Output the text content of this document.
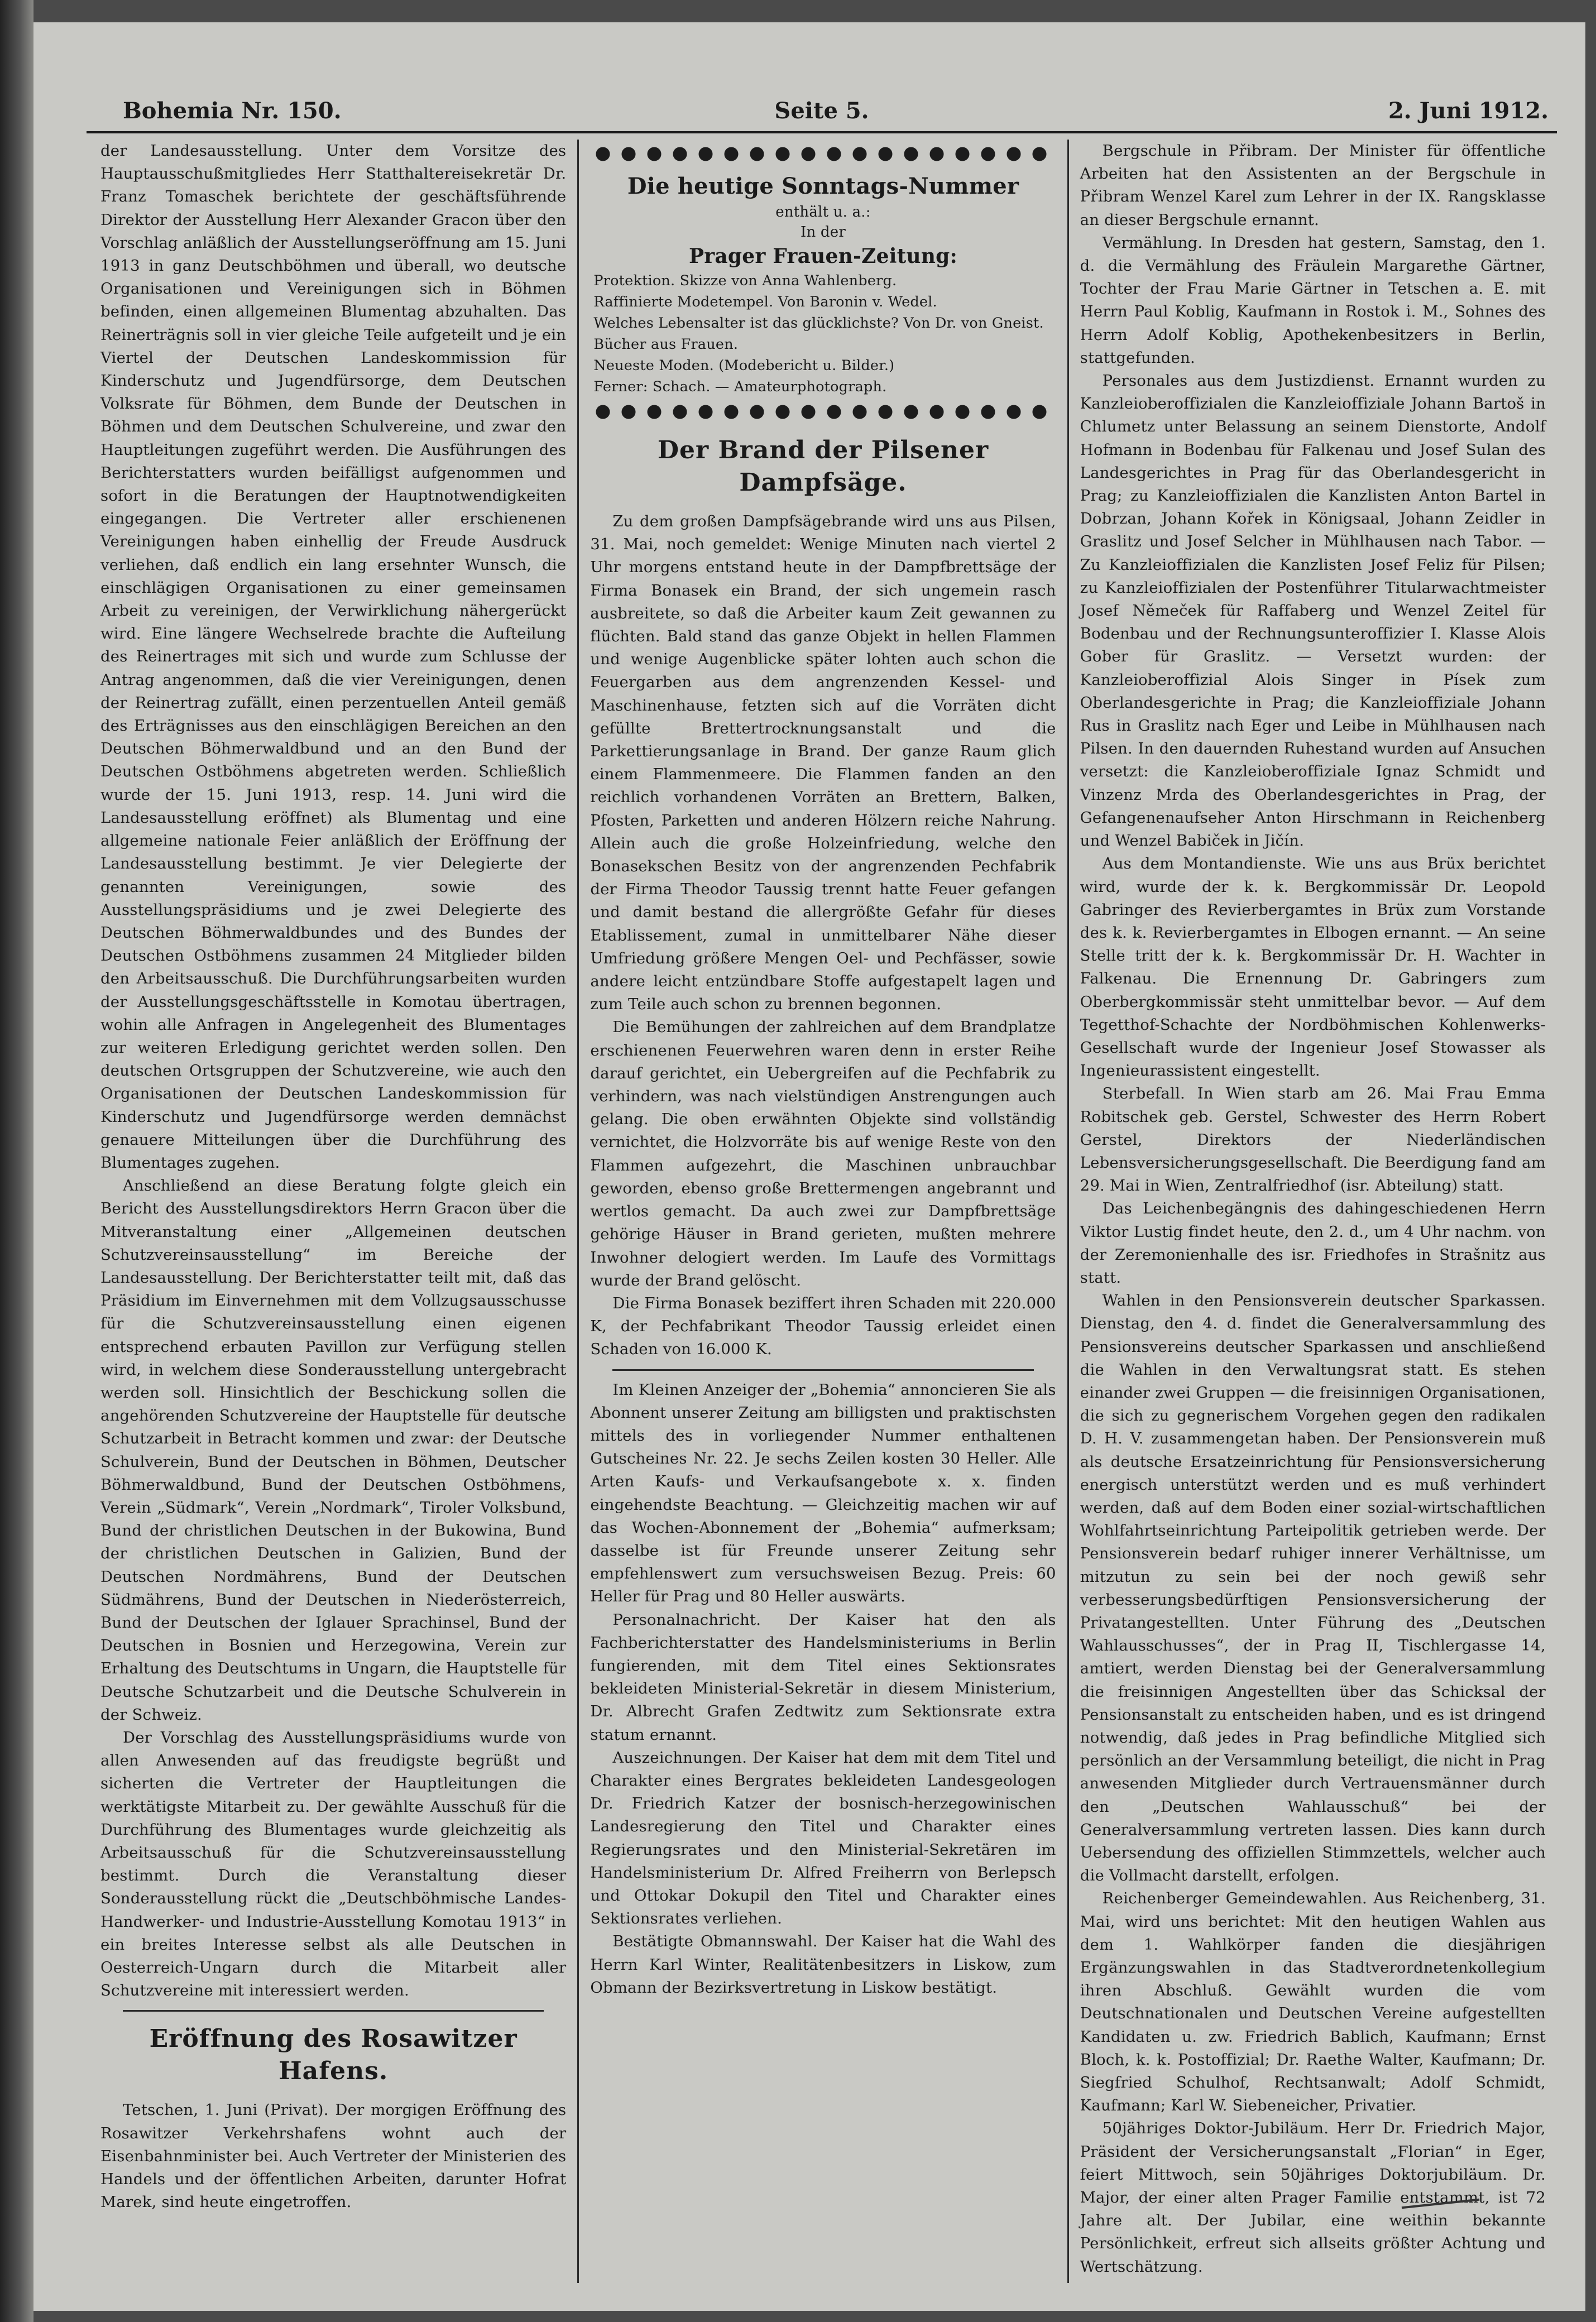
Bohemia Nr. 150.	Seite 5.	2. Juni 1912.

der Landesausstellung. Unter dem Vorsitze des Hauptausschußmitgliedes Herr Statthaltereisekretär Dr. Franz Tomaschek berichtete der geschäftsführende Direktor der Ausstellung Herr Alexander Gracon über den Vorschlag anläßlich der Ausstellungseröffnung am 15. Juni 1913 in ganz Deutschböhmen und überall, wo deutsche Organisationen und Vereinigungen sich in Böhmen befinden, einen allgemeinen Blumentag abzuhalten. Das Reinerträgnis soll in vier gleiche Teile aufgeteilt und je ein Viertel der Deutschen Landeskommission für Kinderschutz und Jugendfürsorge, dem Deutschen Volksrate für Böhmen, dem Bunde der Deutschen in Böhmen und dem Deutschen Schulvereine, und zwar den Hauptleitungen zugeführt werden. Die Ausführungen des Berichterstatters wurden beifälligst aufgenommen und sofort in die Beratungen der Hauptnotwendigkeiten eingegangen. Die Vertreter aller erschienenen Vereinigungen haben einhellig der Freude Ausdruck verliehen, daß endlich ein lang ersehnter Wunsch, die einschlägigen Organisationen zu einer gemeinsamen Arbeit zu vereinigen, der Verwirklichung nähergerückt wird. Eine längere Wechselrede brachte die Aufteilung des Reinertrages mit sich und wurde zum Schlusse der Antrag angenommen, daß die vier Vereinigungen, denen der Reinertrag zufällt, einen perzentuellen Anteil gemäß des Erträgnisses aus den einschlägigen Bereichen an den Deutschen Böhmerwaldbund und an den Bund der Deutschen Ostböhmens abgetreten werden. Schließlich wurde der 15. Juni 1913, resp. 14. Juni wird die Landesausstellung eröffnet) als Blumentag und eine allgemeine nationale Feier anläßlich der Eröffnung der Landesausstellung bestimmt. Je vier Delegierte der genannten Vereinigungen, sowie des Ausstellungspräsidiums und je zwei Delegierte des Deutschen Böhmerwaldbundes und des Bundes der Deutschen Ostböhmens zusammen 24 Mitglieder bilden den Arbeitsausschuß. Die Durchführungsarbeiten wurden der Ausstellungsgeschäftsstelle in Komotau übertragen, wohin alle Anfragen in Angelegenheit des Blumentages zur weiteren Erledigung gerichtet werden sollen. Den deutschen Ortsgruppen der Schutzvereine, wie auch den Organisationen der Deutschen Landeskommission für Kinderschutz und Jugendfürsorge werden demnächst genauere Mitteilungen über die Durchführung des Blumentages zugehen.

Anschließend an diese Beratung folgte gleich ein Bericht des Ausstellungsdirektors Herrn Gracon über die Mitveranstaltung einer „Allgemeinen deutschen Schutzvereinsausstellung“ im Bereiche der Landesausstellung. Der Berichterstatter teilt mit, daß das Präsidium im Einvernehmen mit dem Vollzugsausschusse für die Schutzvereinsausstellung einen eigenen entsprechend erbauten Pavillon zur Verfügung stellen wird, in welchem diese Sonderausstellung untergebracht werden soll. Hinsichtlich der Beschickung sollen die angehörenden Schutzvereine der Hauptstelle für deutsche Schutzarbeit in Betracht kommen und zwar: der Deutsche Schulverein, Bund der Deutschen in Böhmen, Deutscher Böhmerwaldbund, Bund der Deutschen Ostböhmens, Verein „Südmark“, Verein „Nordmark“, Tiroler Volksbund, Bund der christlichen Deutschen in der Bukowina, Bund der christlichen Deutschen in Galizien, Bund der Deutschen Nordmährens, Bund der Deutschen Südmährens, Bund der Deutschen in Niederösterreich, Bund der Deutschen der Iglauer Sprachinsel, Bund der Deutschen in Bosnien und Herzegowina, Verein zur Erhaltung des Deutschtums in Ungarn, die Hauptstelle für Deutsche Schutzarbeit und die Deutsche Schulverein in der Schweiz.

Der Vorschlag des Ausstellungspräsidiums wurde von allen Anwesenden auf das freudigste begrüßt und sicherten die Vertreter der Hauptleitungen die werktätigste Mitarbeit zu. Der gewählte Ausschuß für die Durchführung des Blumentages wurde gleichzeitig als Arbeitsausschuß für die Schutzvereinsausstellung bestimmt. Durch die Veranstaltung dieser Sonderausstellung rückt die „Deutschböhmische Landes-Handwerker- und Industrie-Ausstellung Komotau 1913“ in ein breites Interesse selbst als alle Deutschen in Oesterreich-Ungarn durch die Mitarbeit aller Schutzvereine mit interessiert werden.

Eröffnung des Rosawitzer Hafens.

Tetschen, 1. Juni (Privat). Der morgigen Eröffnung des Rosawitzer Verkehrshafens wohnt auch der Eisenbahnminister bei. Auch Vertreter der Ministerien des Handels und der öffentlichen Arbeiten, darunter Hofrat Marek, sind heute eingetroffen.

Die heutige Sonntags-Nummer
enthält u. a.:
In der
Prager Frauen-Zeitung:
Protektion. Skizze von Anna Wahlenberg.
Raffinierte Modetempel. Von Baronin v. Wedel.
Welches Lebensalter ist das glücklichste? Von Dr. von Gneist.
Bücher aus Frauen.
Neueste Moden. (Modebericht u. Bilder.)
Ferner: Schach. — Amateurphotograph.
Der Brand der Pilsener Dampfsäge.

Zu dem großen Dampfsägebrande wird uns aus Pilsen, 31. Mai, noch gemeldet: Wenige Minuten nach viertel 2 Uhr morgens entstand heute in der Dampfbrettsäge der Firma Bonasek ein Brand, der sich ungemein rasch ausbreitete, so daß die Arbeiter kaum Zeit gewannen zu flüchten. Bald stand das ganze Objekt in hellen Flammen und wenige Augenblicke später lohten auch schon die Feuergarben aus dem angrenzenden Kessel- und Maschinenhause, fetzten sich auf die Vorräten dicht gefüllte Brettertrocknungsanstalt und die Parkettierungsanlage in Brand. Der ganze Raum glich einem Flammenmeere. Die Flammen fanden an den reichlich vorhandenen Vorräten an Brettern, Balken, Pfosten, Parketten und anderen Hölzern reiche Nahrung. Allein auch die große Holzeinfriedung, welche den Bonasekschen Besitz von der angrenzenden Pechfabrik der Firma Theodor Taussig trennt hatte Feuer gefangen und damit bestand die allergrößte Gefahr für dieses Etablissement, zumal in unmittelbarer Nähe dieser Umfriedung größere Mengen Oel- und Pechfässer, sowie andere leicht entzündbare Stoffe aufgestapelt lagen und zum Teile auch schon zu brennen begonnen.

Die Bemühungen der zahlreichen auf dem Brandplatze erschienenen Feuerwehren waren denn in erster Reihe darauf gerichtet, ein Uebergreifen auf die Pechfabrik zu verhindern, was nach vielstündigen Anstrengungen auch gelang. Die oben erwähnten Objekte sind vollständig vernichtet, die Holzvorräte bis auf wenige Reste von den Flammen aufgezehrt, die Maschinen unbrauchbar geworden, ebenso große Brettermengen angebrannt und wertlos gemacht. Da auch zwei zur Dampfbrettsäge gehörige Häuser in Brand gerieten, mußten mehrere Inwohner delogiert werden. Im Laufe des Vormittags wurde der Brand gelöscht.

Die Firma Bonasek beziffert ihren Schaden mit 220.000 K, der Pechfabrikant Theodor Taussig erleidet einen Schaden von 16.000 K.

Im Kleinen Anzeiger der „Bohemia“ annoncieren Sie als Abonnent unserer Zeitung am billigsten und praktischsten mittels des in vorliegender Nummer enthaltenen Gutscheines Nr. 22. Je sechs Zeilen kosten 30 Heller. Alle Arten Kaufs- und Verkaufsangebote x. x. finden eingehendste Beachtung. — Gleichzeitig machen wir auf das Wochen-Abonnement der „Bohemia“ aufmerksam; dasselbe ist für Freunde unserer Zeitung sehr empfehlenswert zum versuchsweisen Bezug. Preis: 60 Heller für Prag und 80 Heller auswärts.

Personalnachricht. Der Kaiser hat den als Fachberichterstatter des Handelsministeriums in Berlin fungierenden, mit dem Titel eines Sektionsrates bekleideten Ministerial-Sekretär in diesem Ministerium, Dr. Albrecht Grafen Zedtwitz zum Sektionsrate extra statum ernannt.

Auszeichnungen. Der Kaiser hat dem mit dem Titel und Charakter eines Bergrates bekleideten Landesgeologen Dr. Friedrich Katzer der bosnisch-herzegowinischen Landesregierung den Titel und Charakter eines Regierungsrates und den Ministerial-Sekretären im Handelsministerium Dr. Alfred Freiherrn von Berlepsch und Ottokar Dokupil den Titel und Charakter eines Sektionsrates verliehen.

Bestätigte Obmannswahl. Der Kaiser hat die Wahl des Herrn Karl Winter, Realitätenbesitzers in Liskow, zum Obmann der Bezirksvertretung in Liskow bestätigt.

Bergschule in Přibram. Der Minister für öffentliche Arbeiten hat den Assistenten an der Bergschule in Přibram Wenzel Karel zum Lehrer in der IX. Rangsklasse an dieser Bergschule ernannt.

Vermählung. In Dresden hat gestern, Samstag, den 1. d. die Vermählung des Fräulein Margarethe Gärtner, Tochter der Frau Marie Gärtner in Tetschen a. E. mit Herrn Paul Koblig, Kaufmann in Rostok i. M., Sohnes des Herrn Adolf Koblig, Apothekenbesitzers in Berlin, stattgefunden.

Personales aus dem Justizdienst. Ernannt wurden zu Kanzleioberoffizialen die Kanzleioffiziale Johann Bartoš in Chlumetz unter Belassung an seinem Dienstorte, Andolf Hofmann in Bodenbau für Falkenau und Josef Sulan des Landesgerichtes in Prag für das Oberlandesgericht in Prag; zu Kanzleioffizialen die Kanzlisten Anton Bartel in Dobrzan, Johann Kořek in Königsaal, Johann Zeidler in Graslitz und Josef Selcher in Mühlhausen nach Tabor. — Zu Kanzleioffizialen die Kanzlisten Josef Feliz für Pilsen; zu Kanzleioffizialen der Postenführer Titularwachtmeister Josef Němeček für Raffaberg und Wenzel Zeitel für Bodenbau und der Rechnungsunteroffizier I. Klasse Alois Gober für Graslitz. — Versetzt wurden: der Kanzleioberoffizial Alois Singer in Písek zum Oberlandesgerichte in Prag; die Kanzleioffiziale Johann Rus in Graslitz nach Eger und Leibe in Mühlhausen nach Pilsen. In den dauernden Ruhestand wurden auf Ansuchen versetzt: die Kanzleioberoffiziale Ignaz Schmidt und Vinzenz Mrda des Oberlandesgerichtes in Prag, der Gefangenenaufseher Anton Hirschmann in Reichenberg und Wenzel Babiček in Jičín.

Aus dem Montandienste. Wie uns aus Brüx berichtet wird, wurde der k. k. Bergkommissär Dr. Leopold Gabringer des Revierbergamtes in Brüx zum Vorstande des k. k. Revierbergamtes in Elbogen ernannt. — An seine Stelle tritt der k. k. Bergkommissär Dr. H. Wachter in Falkenau. Die Ernennung Dr. Gabringers zum Oberbergkommissär steht unmittelbar bevor. — Auf dem Tegetthof-Schachte der Nordböhmischen Kohlenwerks-Gesellschaft wurde der Ingenieur Josef Stowasser als Ingenieurassistent eingestellt.

Sterbefall. In Wien starb am 26. Mai Frau Emma Robitschek geb. Gerstel, Schwester des Herrn Robert Gerstel, Direktors der Niederländischen Lebensversicherungsgesellschaft. Die Beerdigung fand am 29. Mai in Wien, Zentralfriedhof (isr. Abteilung) statt.

Das Leichenbegängnis des dahingeschiedenen Herrn Viktor Lustig findet heute, den 2. d., um 4 Uhr nachm. von der Zeremonienhalle des isr. Friedhofes in Strašnitz aus statt.

Wahlen in den Pensionsverein deutscher Sparkassen. Dienstag, den 4. d. findet die Generalversammlung des Pensionsvereins deutscher Sparkassen und anschließend die Wahlen in den Verwaltungsrat statt. Es stehen einander zwei Gruppen — die freisinnigen Organisationen, die sich zu gegnerischem Vorgehen gegen den radikalen D. H. V. zusammengetan haben. Der Pensionsverein muß als deutsche Ersatzeinrichtung für Pensionsversicherung energisch unterstützt werden und es muß verhindert werden, daß auf dem Boden einer sozial-wirtschaftlichen Wohlfahrtseinrichtung Parteipolitik getrieben werde. Der Pensionsverein bedarf ruhiger innerer Verhältnisse, um mitzutun zu sein bei der noch gewiß sehr verbesserungsbedürftigen Pensionsversicherung der Privatangestellten. Unter Führung des „Deutschen Wahlausschusses“, der in Prag II, Tischlergasse 14, amtiert, werden Dienstag bei der Generalversammlung die freisinnigen Angestellten über das Schicksal der Pensionsanstalt zu entscheiden haben, und es ist dringend notwendig, daß jedes in Prag befindliche Mitglied sich persönlich an der Versammlung beteiligt, die nicht in Prag anwesenden Mitglieder durch Vertrauensmänner durch den „Deutschen Wahlausschuß“ bei der Generalversammlung vertreten lassen. Dies kann durch Uebersendung des offiziellen Stimmzettels, welcher auch die Vollmacht darstellt, erfolgen.

Reichenberger Gemeindewahlen. Aus Reichenberg, 31. Mai, wird uns berichtet: Mit den heutigen Wahlen aus dem 1. Wahlkörper fanden die diesjährigen Ergänzungswahlen in das Stadtverordnetenkollegium ihren Abschluß. Gewählt wurden die vom Deutschnationalen und Deutschen Vereine aufgestellten Kandidaten u. zw. Friedrich Bablich, Kaufmann; Ernst Bloch, k. k. Postoffizial; Dr. Raethe Walter, Kaufmann; Dr. Siegfried Schulhof, Rechtsanwalt; Adolf Schmidt, Kaufmann; Karl W. Siebeneicher, Privatier.

50jähriges Doktor-Jubiläum. Herr Dr. Friedrich Major, Präsident der Versicherungsanstalt „Florian“ in Eger, feiert Mittwoch, sein 50jähriges Doktorjubiläum. Dr. Major, der einer alten Prager Familie entstammt, ist 72 Jahre alt. Der Jubilar, eine weithin bekannte Persönlichkeit, erfreut sich allseits größter Achtung und Wertschätzung.
